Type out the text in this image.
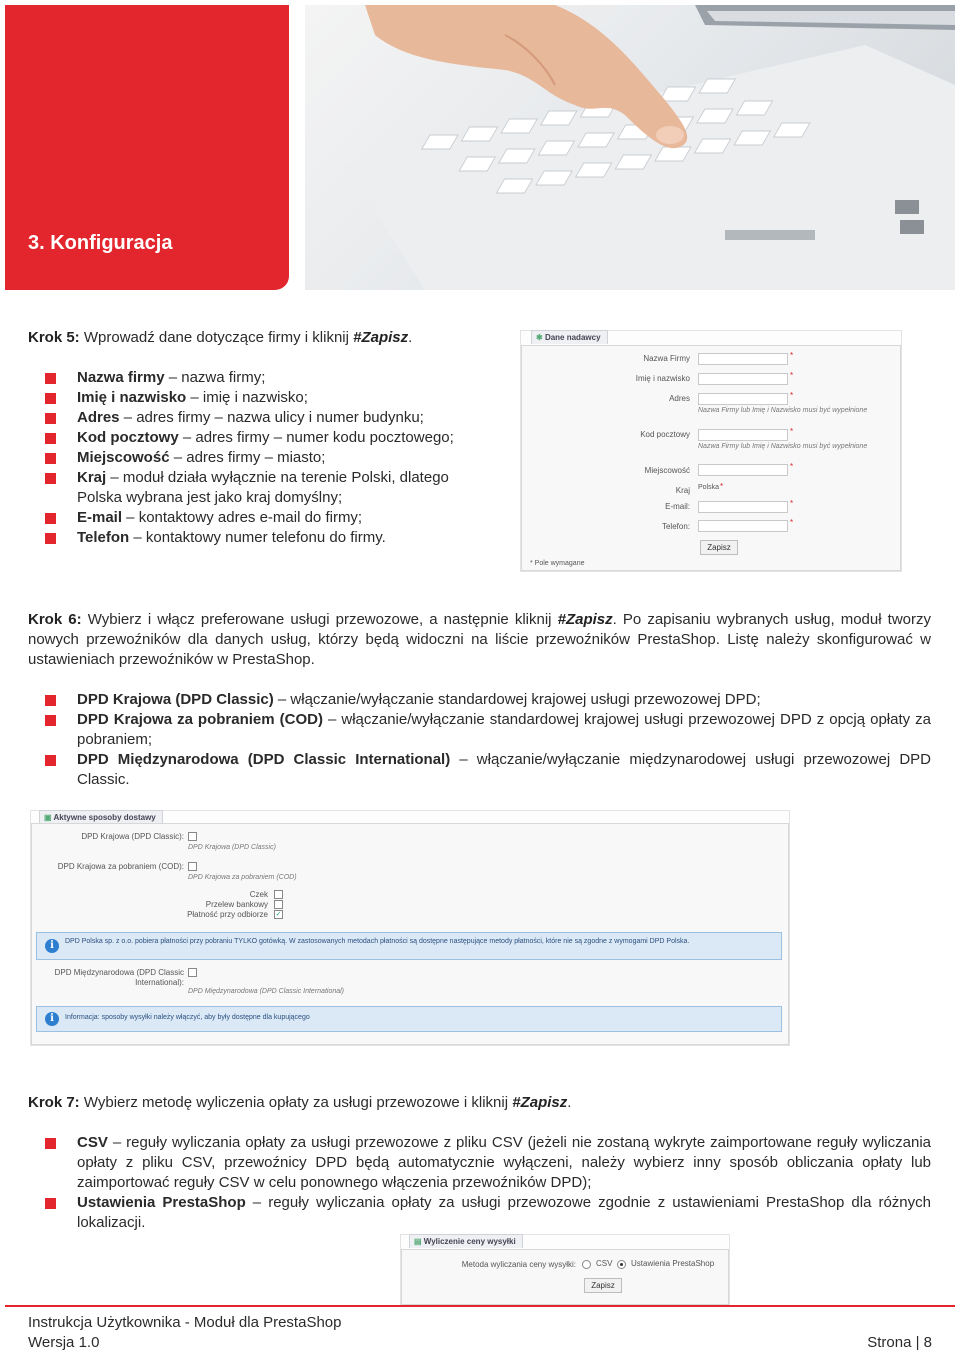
3. Konfiguracja
Krok 5: Wprowadź dane dotyczące firmy i kliknij #Zapisz.
Nazwa firmy – nazwa firmy;
Imię i nazwisko – imię i nazwisko;
Adres – adres firmy – nazwa ulicy i numer budynku;
Kod pocztowy – adres firmy – numer kodu pocztowego;
Miejscowość – adres firmy – miasto;
Kraj – moduł działa wyłącznie na terenie Polski, dlatego Polska wybrana jest jako kraj domyślny;
E-mail – kontaktowy adres e-mail do firmy;
Telefon – kontaktowy numer telefonu do firmy.
✱ Dane nadawcy
Nazwa Firmy	*
Imię i nazwisko	*
Adres	*
Nazwa Firmy lub Imię i Nazwisko musi być wypełnione
Kod pocztowy	*
Nazwa Firmy lub Imię i Nazwisko musi być wypełnione
Miejscowość	*
Kraj Polska *
E-mail:	*
Telefon:	*
Zapisz
* Pole wymagane
Krok 6: Wybierz i włącz preferowane usługi przewozowe, a następnie kliknij #Zapisz. Po zapisaniu wybranych usług, moduł tworzy nowych przewoźników dla danych usług, którzy będą widoczni na liście przewoźników PrestaShop. Listę należy skonfigurować w ustawieniach przewoźników w PrestaShop.
DPD Krajowa (DPD Classic) – włączanie/wyłączanie standardowej krajowej usługi przewozowej DPD;
DPD Krajowa za pobraniem (COD) – włączanie/wyłączanie standardowej krajowej usługi przewozowej DPD z opcją opłaty za pobraniem;
DPD Międzynarodowa (DPD Classic International) – włączanie/wyłączanie międzynarodowej usługi przewozowej DPD Classic.
▣ Aktywne sposoby dostawy
DPD Krajowa (DPD Classic):
DPD Krajowa (DPD Classic)
DPD Krajowa za pobraniem (COD):
DPD Krajowa za pobraniem (COD)
Czek
Przelew bankowy
Płatność przy odbiorze ✓
i	DPD Polska sp. z o.o. pobiera płatności przy pobraniu TYLKO gotówką. W zastosowanych metodach płatności są dostępne następujące metody płatności, które nie są zgodne z wymogami DPD Polska.
DPD Międzynarodowa (DPD Classic International):
DPD Międzynarodowa (DPD Classic International)
i	Informacja: sposoby wysyłki należy włączyć, aby były dostępne dla kupującego
Krok 7: Wybierz metodę wyliczenia opłaty za usługi przewozowe i kliknij #Zapisz.
CSV – reguły wyliczania opłaty za usługi przewozowe z pliku CSV (jeżeli nie zostaną wykryte zaimportowane reguły wyliczania opłaty z pliku CSV, przewoźnicy DPD będą automatycznie wyłączeni, należy wybierz inny sposób obliczania opłaty lub zaimportować reguły CSV w celu ponownego włączenia przewoźników DPD);
Ustawienia PrestaShop – reguły wyliczania opłaty za usługi przewozowe zgodnie z ustawieniami PrestaShop dla różnych lokalizacji.
▤ Wyliczenie ceny wysyłki
Metoda wyliczania ceny wysyłki:	CSV Ustawienia PrestaShop
Zapisz
Instrukcja Użytkownika - Moduł dla PrestaShop
Wersja 1.0	Strona | 8
